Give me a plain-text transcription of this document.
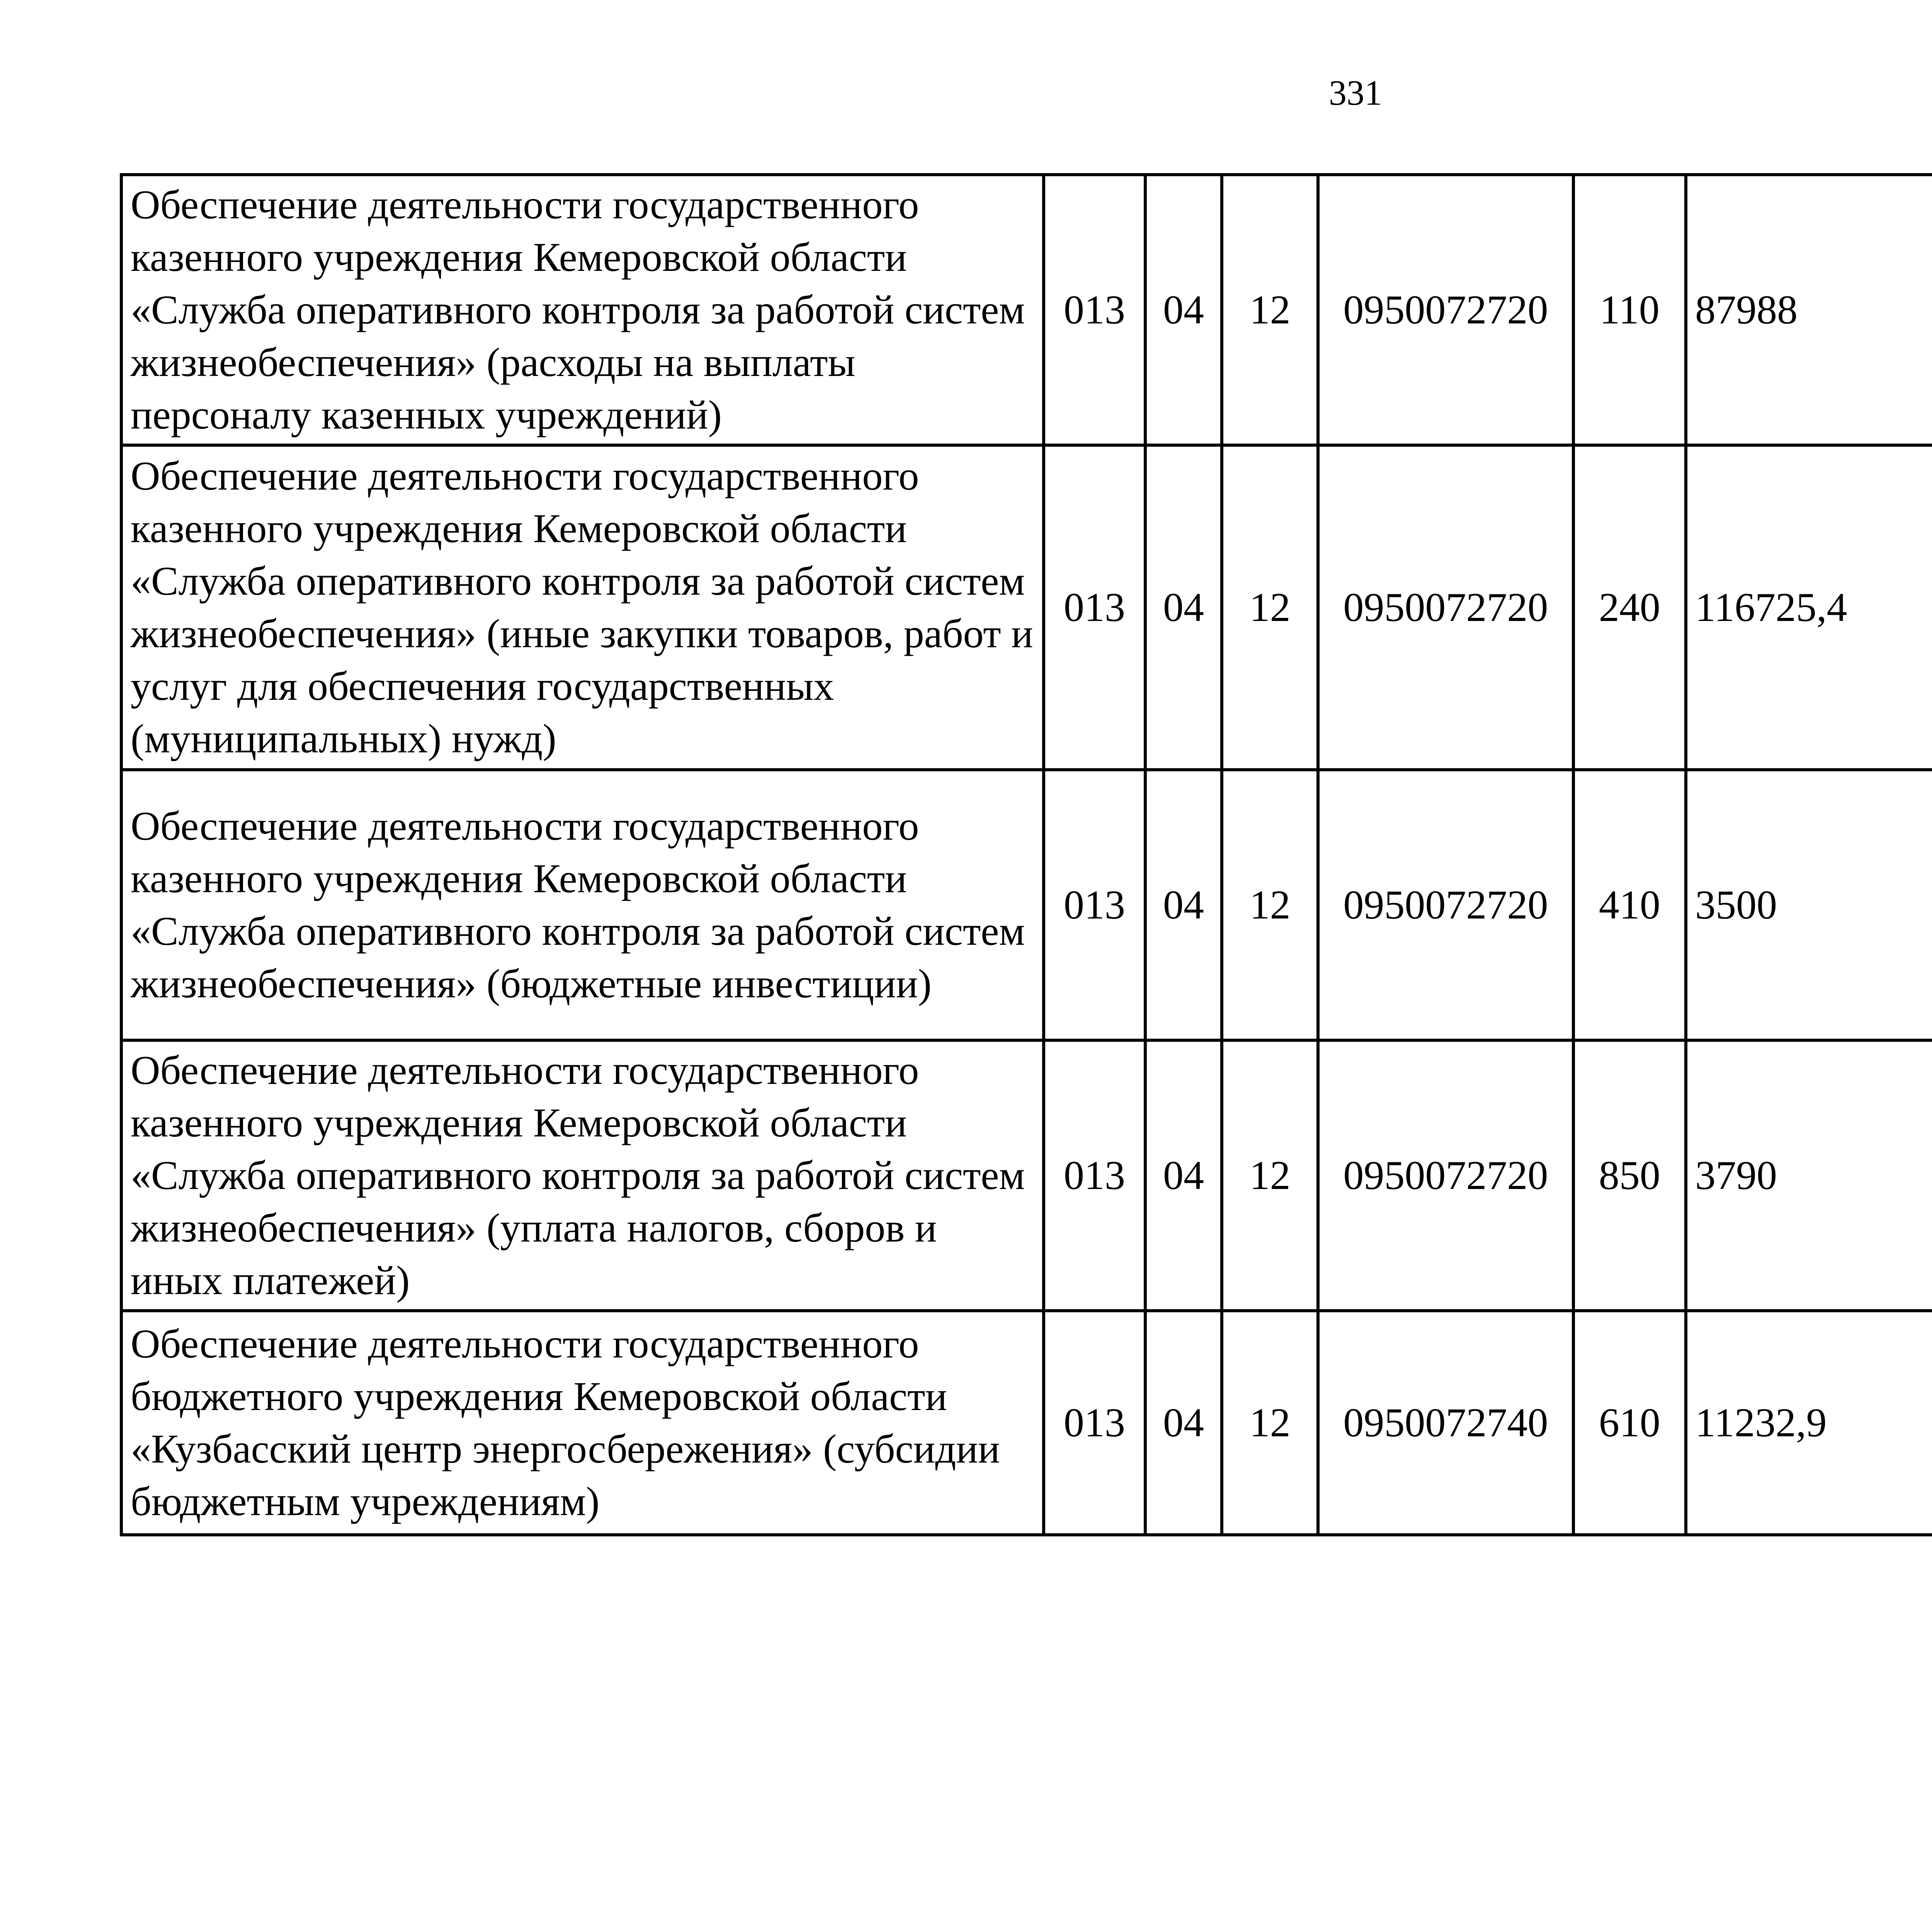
331
Обеспечение деятельности государственного казенного учреждения Кемеровской области «Служба оперативного контроля за работой систем жизнеобеспечения» (расходы на выплаты персоналу казенных учреждений)	013	04	12	0950072720	110	87988		
Обеспечение деятельности государственного казенного учреждения Кемеровской области «Служба оперативного контроля за работой систем жизнеобеспечения» (иные закупки товаров, работ и услуг для обеспечения государственных (муниципальных) нужд)	013	04	12	0950072720	240	116725,4		
Обеспечение деятельности государственного казенного учреждения Кемеровской области «Служба оперативного контроля за работой систем жизнеобеспечения» (бюджетные инвестиции)	013	04	12	0950072720	410	3500		
Обеспечение деятельности государственного казенного учреждения Кемеровской области «Служба оперативного контроля за работой систем жизнеобеспечения» (уплата налогов, сборов и иных платежей)	013	04	12	0950072720	850	3790		
Обеспечение деятельности государственного бюджетного учреждения Кемеровской области «Кузбасский центр энергосбережения» (субсидии бюджетным учреждениям)	013	04	12	0950072740	610	11232,9		
